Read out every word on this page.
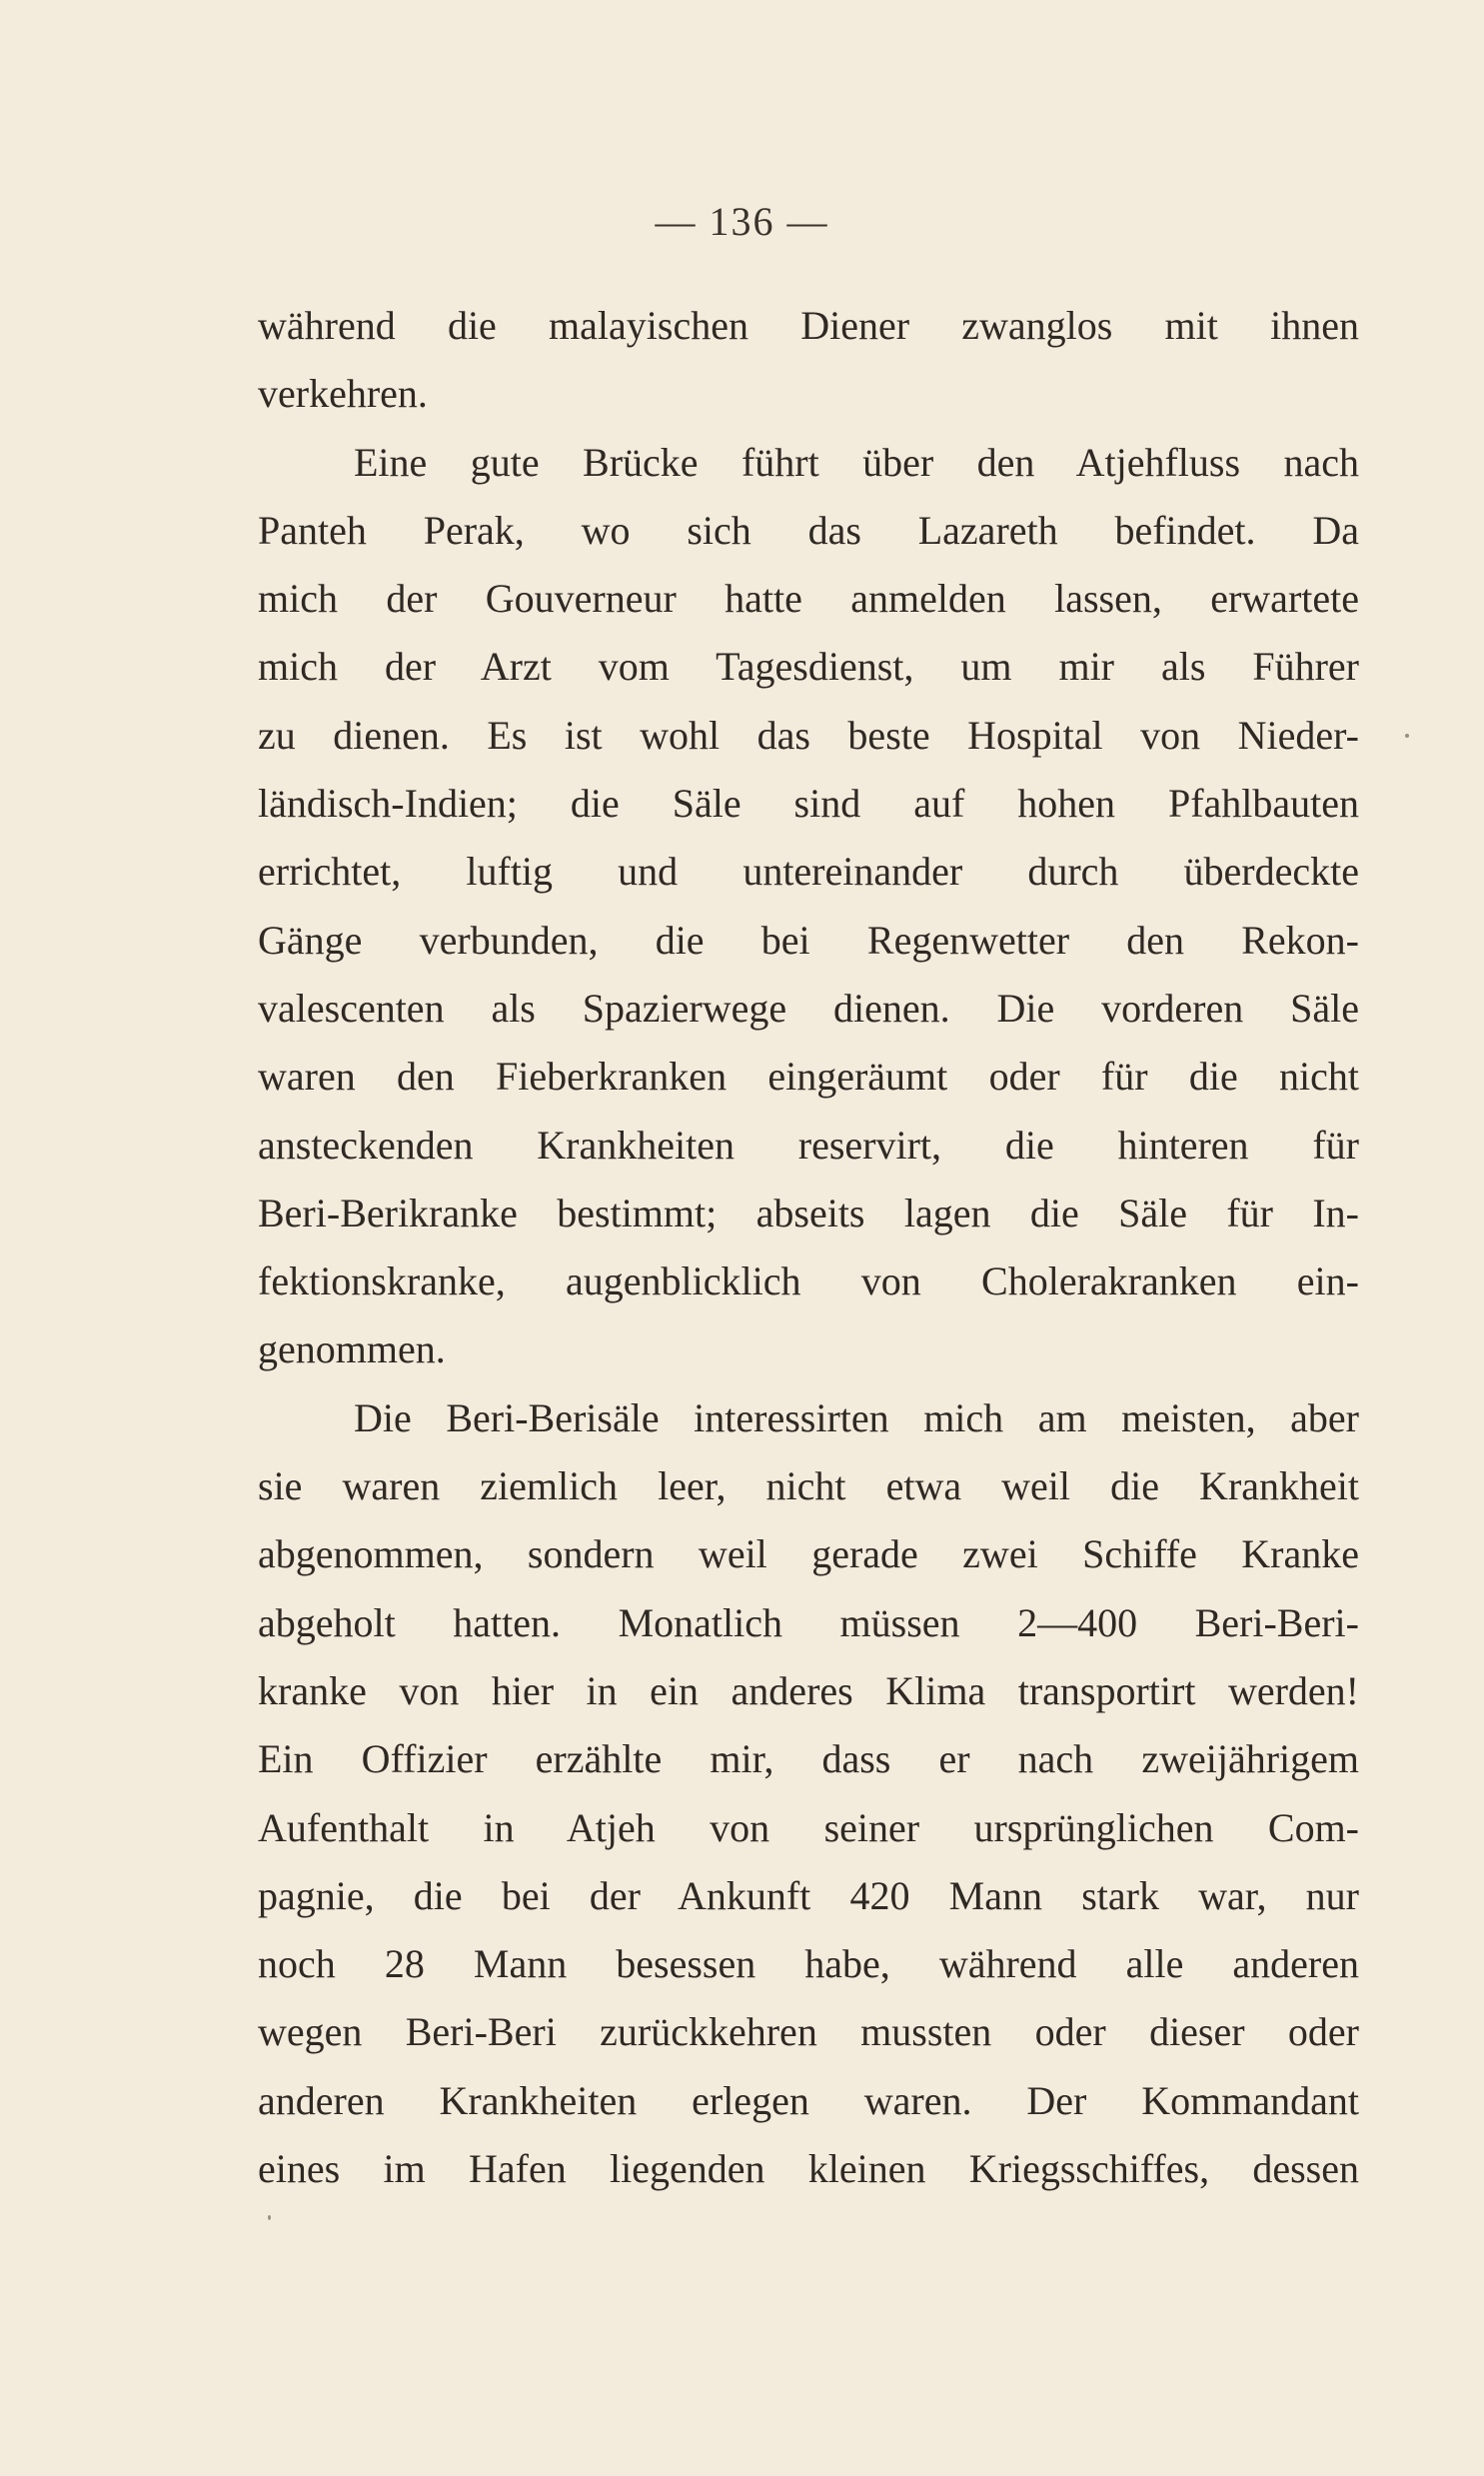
— 136 —
während die malayischen Diener zwanglos mit ihnen
verkehren.
Eine gute Brücke führt über den Atjehfluss nach
Panteh Perak, wo sich das Lazareth befindet. Da
mich der Gouverneur hatte anmelden lassen, erwartete
mich der Arzt vom Tagesdienst, um mir als Führer
zu dienen. Es ist wohl das beste Hospital von Nieder-
ländisch-Indien; die Säle sind auf hohen Pfahlbauten
errichtet, luftig und untereinander durch überdeckte
Gänge verbunden, die bei Regenwetter den Rekon-
valescenten als Spazierwege dienen. Die vorderen Säle
waren den Fieberkranken eingeräumt oder für die nicht
ansteckenden Krankheiten reservirt, die hinteren für
Beri-Berikranke bestimmt; abseits lagen die Säle für In-
fektionskranke, augenblicklich von Cholerakranken ein-
genommen.
Die Beri-Berisäle interessirten mich am meisten, aber
sie waren ziemlich leer, nicht etwa weil die Krankheit
abgenommen, sondern weil gerade zwei Schiffe Kranke
abgeholt hatten. Monatlich müssen 2—400 Beri-Beri-
kranke von hier in ein anderes Klima transportirt werden!
Ein Offizier erzählte mir, dass er nach zweijährigem
Aufenthalt in Atjeh von seiner ursprünglichen Com-
pagnie, die bei der Ankunft 420 Mann stark war, nur
noch 28 Mann besessen habe, während alle anderen
wegen Beri-Beri zurückkehren mussten oder dieser oder
anderen Krankheiten erlegen waren. Der Kommandant
eines im Hafen liegenden kleinen Kriegsschiffes, dessen
